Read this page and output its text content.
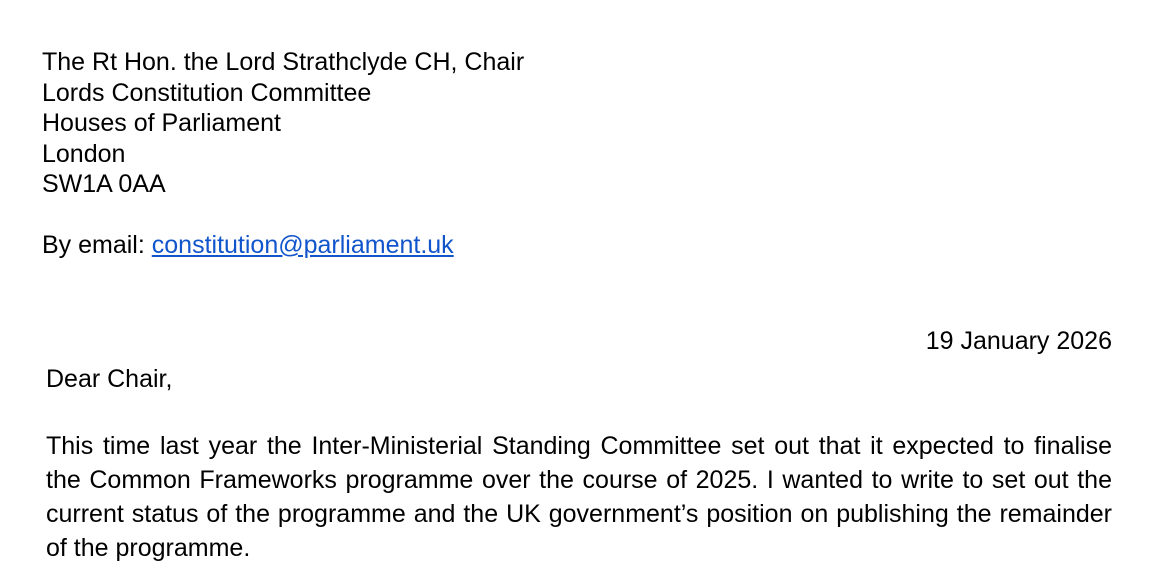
The Rt Hon. the Lord Strathclyde CH, Chair
Lords Constitution Committee
Houses of Parliament
London
SW1A 0AA
By email: constitution@parliament.uk
19 January 2026
Dear Chair,

This time last year the Inter-Ministerial Standing Committee set out that it expected to finalise the Common Frameworks programme over the course of 2025. I wanted to write to set out the current status of the programme and the UK government’s position on publishing the remainder of the programme.
